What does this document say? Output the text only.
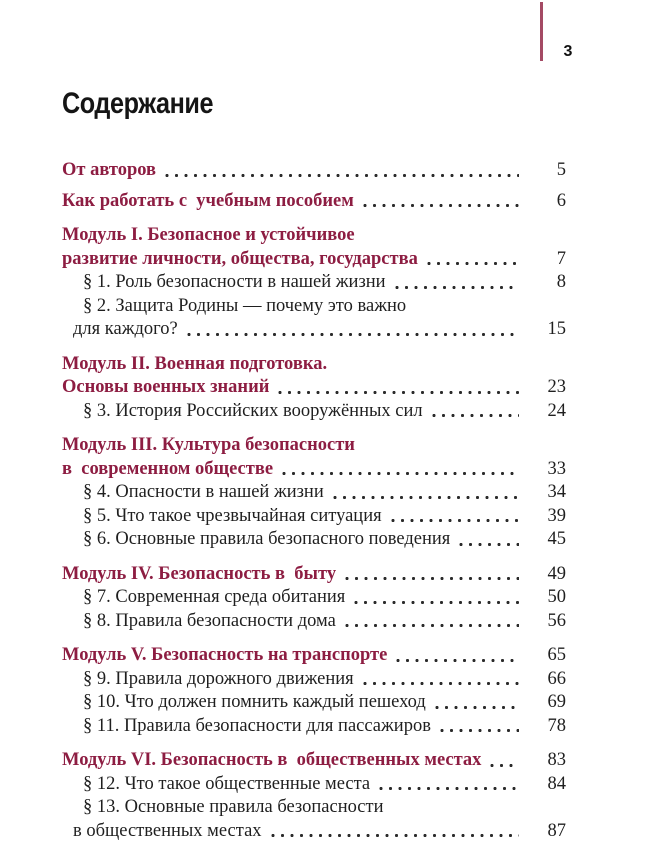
3
Содержание
От авторов	5
Как работать с  учебным пособием	6
Модуль I. Безопасное и устойчивое
развитие личности, общества, государства	7
§ 1. Роль безопасности в нашей жизни	8
§ 2. Защита Родины — почему это важно
для каждого?	15
Модуль II. Военная подготовка.
Основы военных знаний	23
§ 3. История Российских вооружённых сил	24
Модуль III. Культура безопасности
в  современном обществе	33
§ 4. Опасности в нашей жизни	34
§ 5. Что такое чрезвычайная ситуация	39
§ 6. Основные правила безопасного поведения	45
Модуль IV. Безопасность в  быту	49
§ 7. Современная среда обитания	50
§ 8. Правила безопасности дома	56
Модуль V. Безопасность на транспорте	65
§ 9. Правила дорожного движения	66
§ 10. Что должен помнить каждый пешеход	69
§ 11. Правила безопасности для пассажиров	78
Модуль VI. Безопасность в  общественных местах	83
§ 12. Что такое общественные места	84
§ 13. Основные правила безопасности
в общественных местах	87
